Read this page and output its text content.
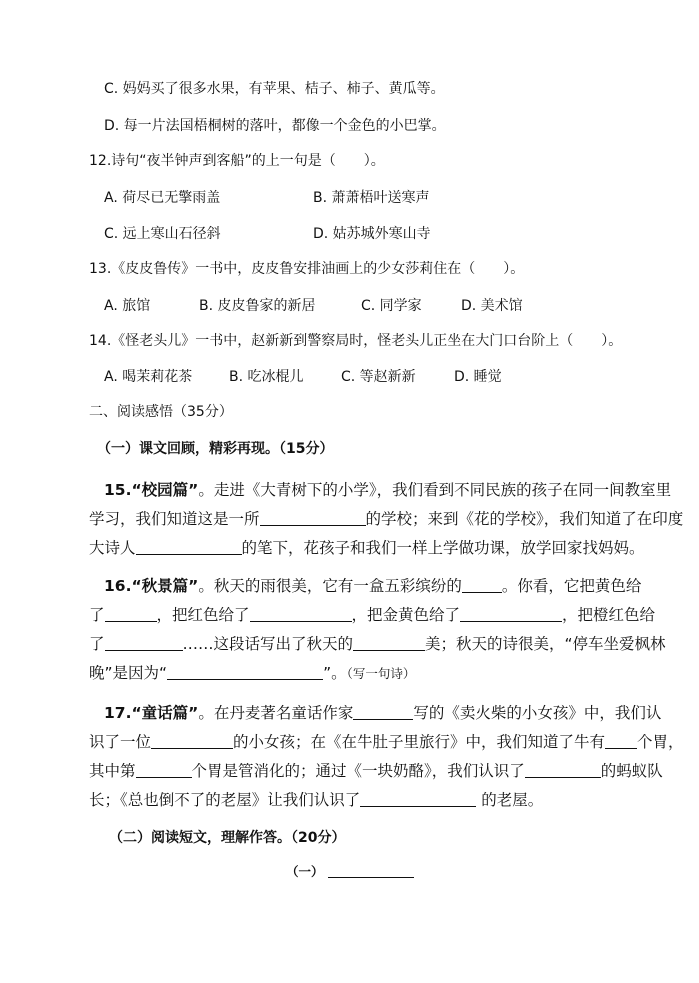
C. 妈妈买了很多水果，有苹果、桔子、柿子、黄瓜等。
D. 每一片法国梧桐树的落叶，都像一个金色的小巴掌。
12.诗句“夜半钟声到客船”的上一句是（　　）。
A. 荷尽已无擎雨盖	B. 萧萧梧叶送寒声
C. 远上寒山石径斜	D. 姑苏城外寒山寺
13.《皮皮鲁传》一书中，皮皮鲁安排油画上的少女莎莉住在（　　）。
A. 旅馆	B. 皮皮鲁家的新居	C. 同学家	D. 美术馆
14.《怪老头儿》一书中，赵新新到警察局时，怪老头儿正坐在大门口台阶上（　　）。
A. 喝茉莉花茶	B. 吃冰棍儿	C. 等赵新新	D. 睡觉
二、阅读感悟（35分）
（一）课文回顾，精彩再现。（15分）
15.“校园篇”。走进《大青树下的小学》，我们看到不同民族的孩子在同一间教室里
学习，我们知道这是一所	的学校；来到《花的学校》，我们知道了在印度
大诗人	的笔下，花孩子和我们一样上学做功课，放学回家找妈妈。
16.“秋景篇”。秋天的雨很美，它有一盒五彩缤纷的	。你看，它把黄色给
了	，把红色给了	，把金黄色给了	，把橙红色给
了	……这段话写出了秋天的	美；秋天的诗很美，“停车坐爱枫林
晚”是因为“	”。（写一句诗）
17.“童话篇”。在丹麦著名童话作家	写的《卖火柴的小女孩》中，我们认
识了一位	的小女孩；在《在牛肚子里旅行》中，我们知道了牛有 个胃，
其中第	个胃是管消化的；通过《一块奶酪》，我们认识了	的蚂蚁队
长；《总也倒不了的老屋》让我们认识了	的老屋。
（二）阅读短文，理解作答。（20分）
（一）
